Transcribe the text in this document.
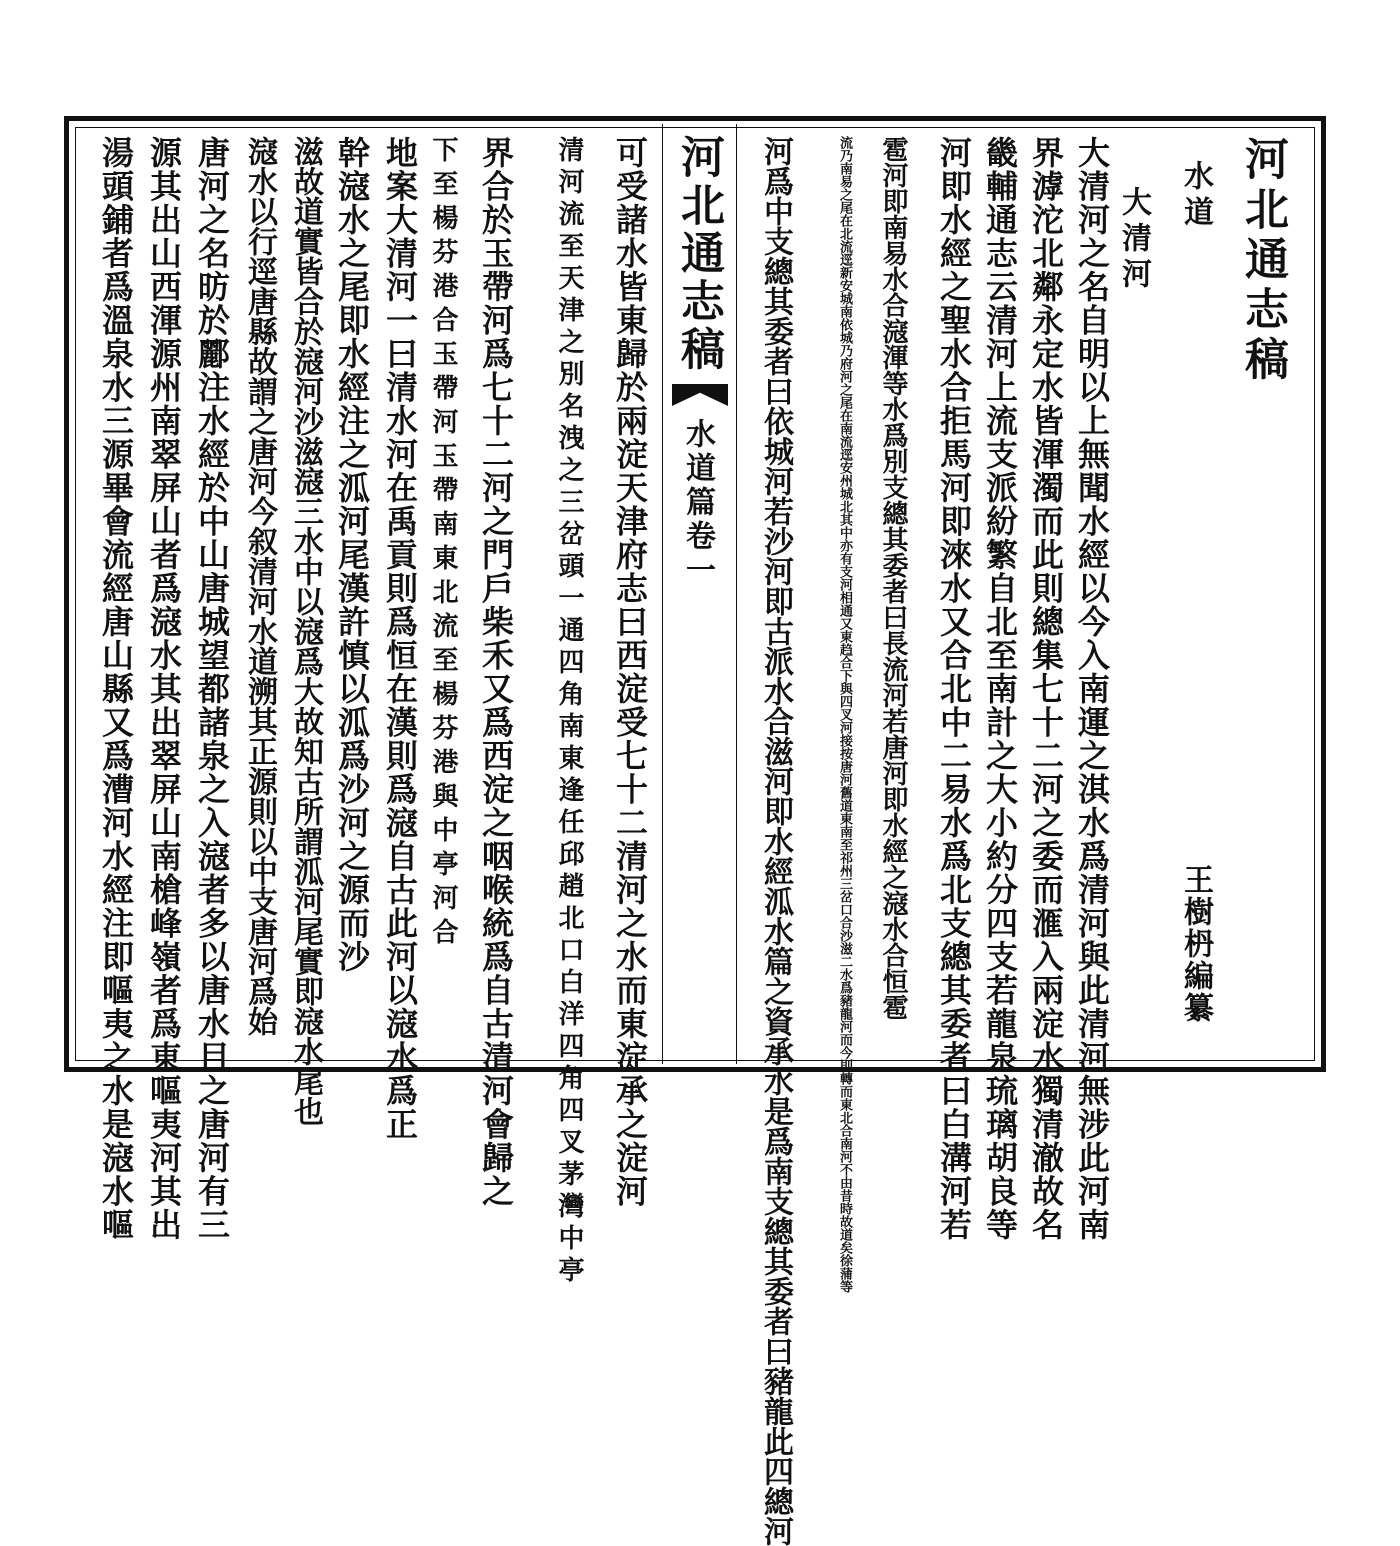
河北通志稿
水道
大清河
王樹枬編纂
大清河之名自明以上無聞水經以今入南運之淇水爲清河與此清河無涉此河南
界滹沱北鄰永定水皆渾濁而此則總集七十二河之委而滙入兩淀水獨清澈故名
畿輔通志云清河上流支派紛繁自北至南計之大小約分四支若龍泉琉璃胡良等
河即水經之聖水合拒馬河即淶水又合北中二易水爲北支總其委者曰白溝河若
雹河即南易水合滱渾等水爲別支總其委者曰長流河若唐河即水經之滱水合恒雹
流乃南易之尾在北流逕新安城南依城乃府河之尾在南流逕安州城北其中亦有支河相通又東趋合下與四叉河接按唐河舊道東南至祁州三岔口合沙滋二水爲豬龍河而今則轉而東北合南河不由昔時故道矣徐蒲等
河爲中支總其委者曰依城河若沙河即古派水合滋河即水經泒水篇之資承水是爲南支總其委者曰豬龍此四總河
河北通志稿
水道篇卷一
可受諸水皆東歸於兩淀天津府志曰西淀受七十二清河之水而東淀承之淀河
清河流至天津之別名洩之三岔頭一通四角南東逢任邱趙北口白洋四角四叉茅灣中亭
界合於玉帶河爲七十二河之門戶柴禾又爲西淀之咽喉統爲自古清河會歸之
下至楊芬港合玉帶河玉帶南東北流至楊芬港與中亭河合
地案大清河一曰清水河在禹貢則爲恒在漢則爲滱自古此河以滱水爲正
幹滱水之尾即水經注之泒河尾漢許慎以泒爲沙河之源而沙
滋故道實皆合於滱河沙滋滱三水中以滱爲大故知古所謂泒河尾實即滱水尾也
滱水以行逕唐縣故謂之唐河今叙清河水道溯其正源則以中支唐河爲始
唐河之名昉於酈注水經於中山唐城望都諸泉之入滱者多以唐水目之唐河有三
源其出山西渾源州南翠屏山者爲滱水其出翠屏山南槍峰嶺者爲東嘔夷河其出
湯頭鋪者爲溫泉水三源畢會流經唐山縣又爲漕河水經注即嘔夷之水是滱水嘔
